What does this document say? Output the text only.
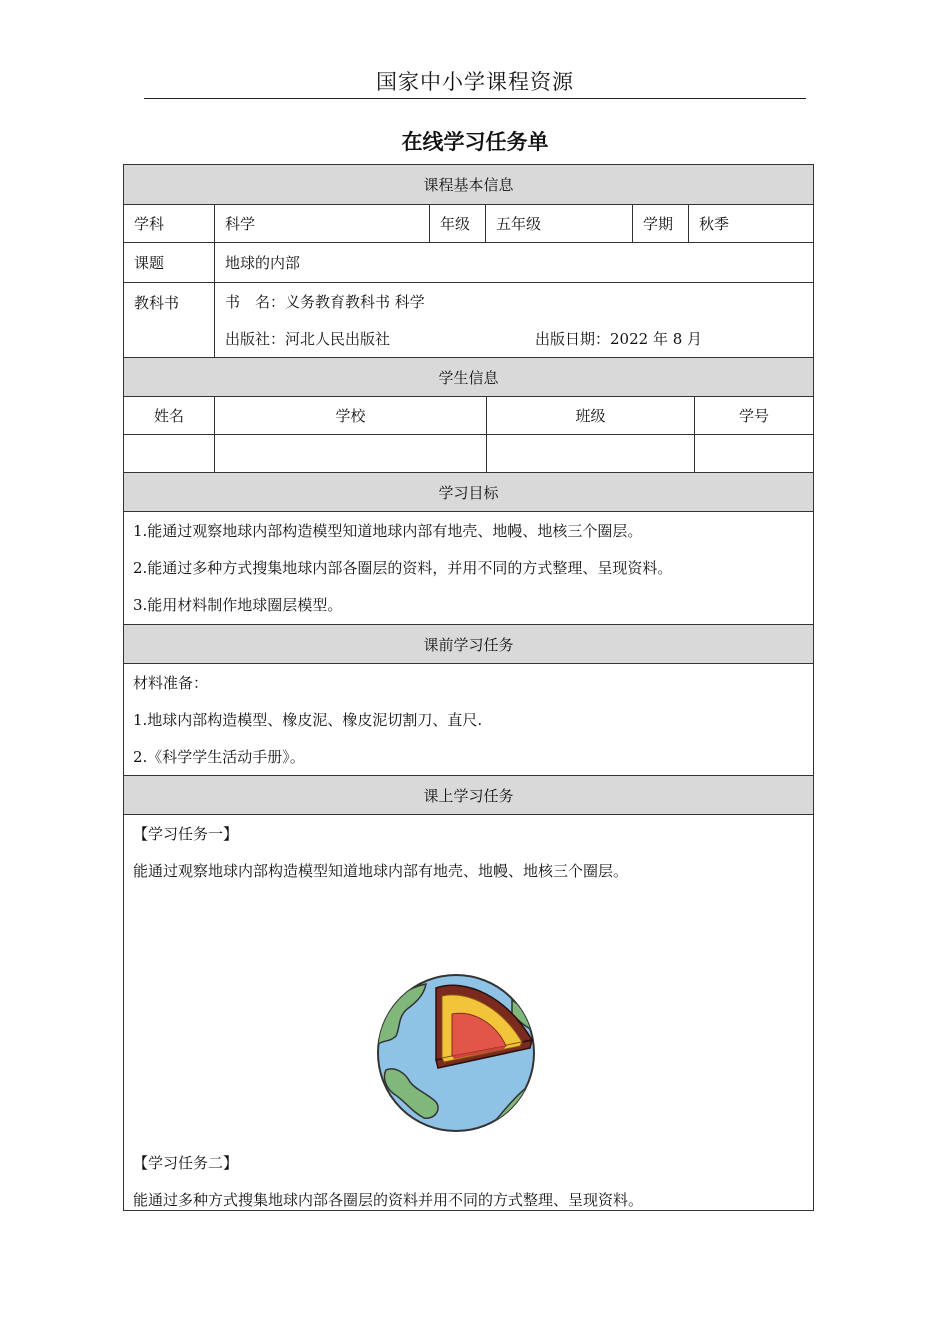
国家中小学课程资源
在线学习任务单
课程基本信息
学科	科学	年级	五年级	学期	秋季
课题	地球的内部
教科书	书　名：义务教育教科书 科学
出版社：河北人民出版社	出版日期：2022 年 8 月
学生信息
姓名	学校	班级	学号
学习目标
1.能通过观察地球内部构造模型知道地球内部有地壳、地幔、地核三个圈层。
2.能通过多种方式搜集地球内部各圈层的资料，并用不同的方式整理、呈现资料。
3.能用材料制作地球圈层模型。
课前学习任务
材料准备：
1.地球内部构造模型、橡皮泥、橡皮泥切割刀、直尺.
2.《科学学生活动手册》。
课上学习任务
【学习任务一】
能通过观察地球内部构造模型知道地球内部有地壳、地幔、地核三个圈层。
【学习任务二】
能通过多种方式搜集地球内部各圈层的资料并用不同的方式整理、呈现资料。
